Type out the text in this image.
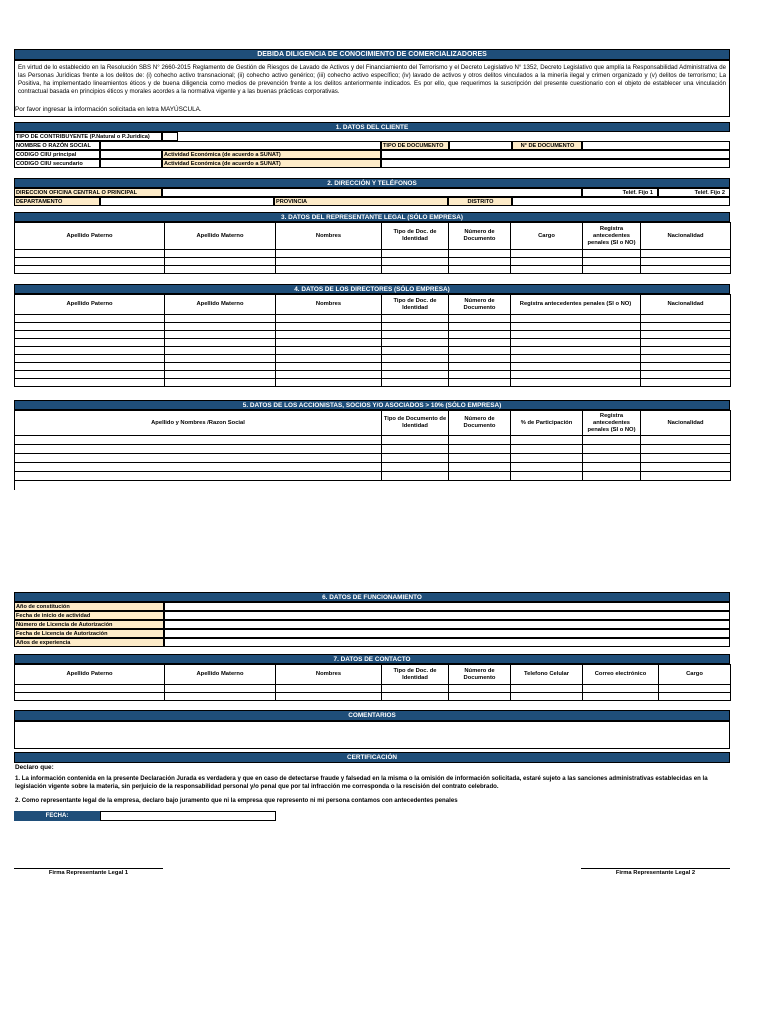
DEBIDA DILIGENCIA DE CONOCIMIENTO DE COMERCIALIZADORES
En virtud de lo establecido en la Resolución SBS N° 2660-2015 Reglamento de Gestión de Riesgos de Lavado de Activos y del Financiamiento del Terrorismo y el Decreto Legislativo N° 1352, Decreto Legislativo que amplía la Responsabilidad Administrativa de las Personas Jurídicas frente a los delitos de: (i) cohecho activo transnacional; (ii) cohecho activo genérico; (iii) cohecho activo específico; (iv) lavado de activos y otros delitos vinculados a la minería ilegal y crimen organizado y (v) delitos de terrorismo; La Positiva, ha implementado lineamientos éticos y de buena diligencia como medios de prevención frente a los delitos anteriormente indicados. Es por ello, que requerimos la suscripción del presente cuestionario con el objeto de establecer una vinculación contractual basada en principios éticos y morales acordes a la normativa vigente y a las buenas prácticas corporativas.
Por favor ingresar la información solicitada en letra MAYÚSCULA.
1. DATOS DEL CLIENTE
TIPO DE CONTRIBUYENTE (P.Natural o P.Juridica)
NOMBRE O RAZÓN SOCIAL	TIPO DE DOCUMENTO	N° DE DOCUMENTO
CODIGO CIIU principal	Actividad Económica (de acuerdo a SUNAT)
CODIGO CIIU secundario	Actividad Económica (de acuerdo a SUNAT)
2. DIRECCIÓN Y TELÉFONOS
DIRECCION OFICINA CENTRAL O PRINCIPAL	Teléf. Fijo 1	Teléf. Fijo 2
DEPARTAMENTO	PROVINCIA	DISTRITO
3. DATOS DEL REPRESENTANTE LEGAL (SÓLO EMPRESA)
Apellido Paterno	Apellido Materno	Nombres	Tipo de Doc. de Identidad	Número de Documento	Cargo	Registra antecedentes penales (SI o NO)	Nacionalidad

4. DATOS DE LOS DIRECTORES (SÓLO EMPRESA)
Apellido Paterno	Apellido Materno	Nombres	Tipo de Doc. de Identidad	Número de Documento	Registra antecedentes penales (SI o NO)	Nacionalidad

5. DATOS DE LOS ACCIONISTAS, SOCIOS Y/O ASOCIADOS > 10% (SÓLO EMPRESA)
Apellido y Nombres /Razon Social	Tipo de Documento de Identidad	Número de Documento	% de Participación	Registra antecedentes penales (SI o NO)	Nacionalidad

6. DATOS DE FUNCIONAMIENTO
Año de constitución
Fecha de inicio de actividad
Número de Licencia de Autorización
Fecha de Licencia de Autorización
Años de experiencia
7. DATOS DE CONTACTO
Apellido Paterno	Apellido Materno	Nombres	Tipo de Doc. de Identidad	Número de Documento	Telefono Celular	Correo electrónico	Cargo

COMENTARIOS
CERTIFICACIÓN
Declaro que:
1. La información contenida en la presente Declaración Jurada es verdadera y que en caso de detectarse fraude y falsedad en la misma o la omisión de información solicitada, estaré sujeto a las sanciones administrativas establecidas en la legislación vigente sobre la materia, sin perjuicio de la responsabilidad personal y/o penal que por tal infracción me corresponda o la rescisión del contrato celebrado.
2. Como representante legal de la empresa, declaro bajo juramento que ni la empresa que represento ni mi persona contamos con antecedentes penales
FECHA:
Firma Representante Legal 1	Firma Representante Legal 2
